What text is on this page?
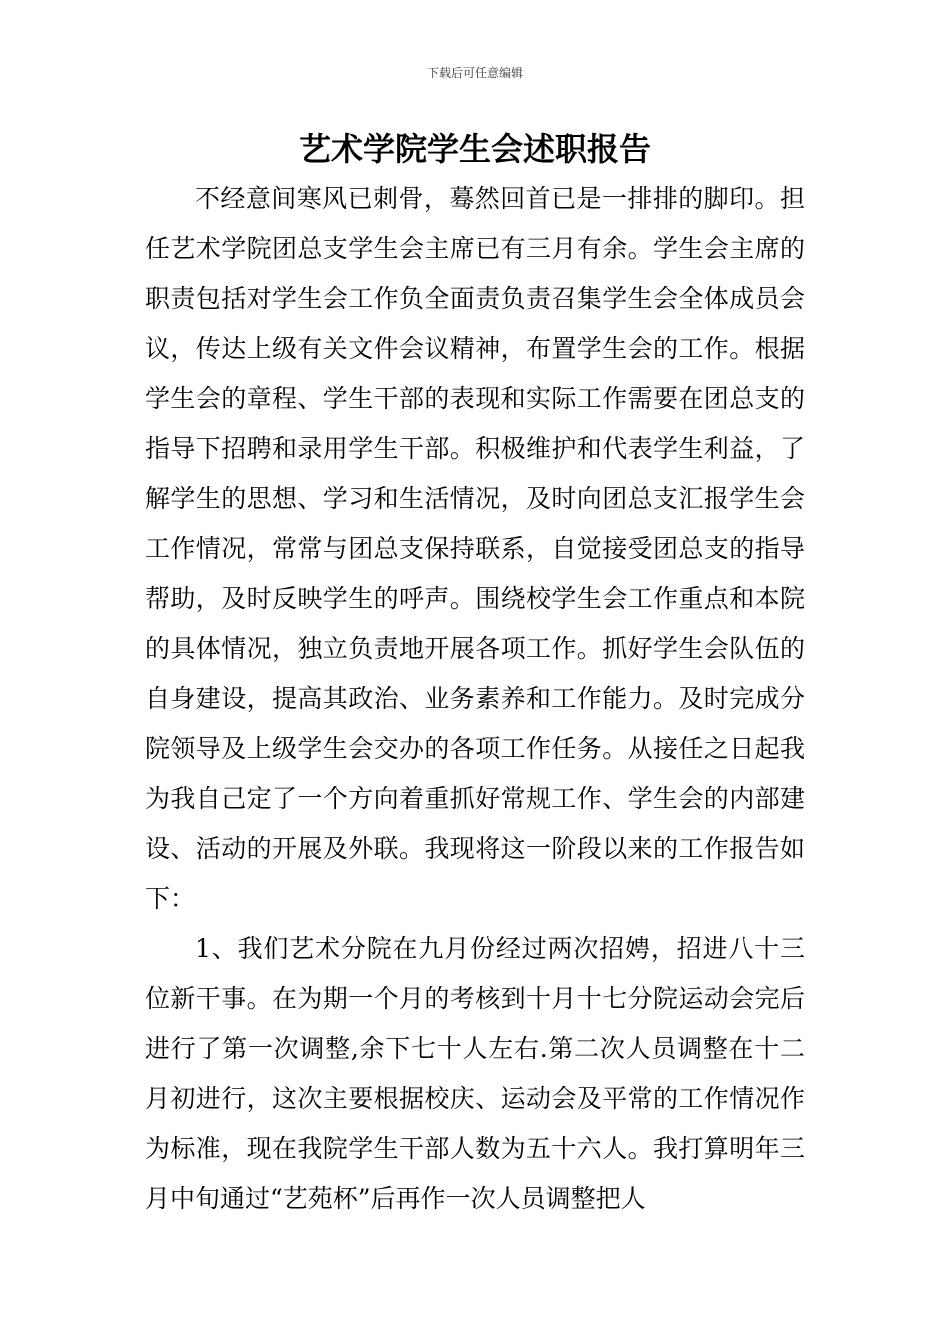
下载后可任意编辑
艺术学院学生会述职报告

不经意间寒风已刺骨，蓦然回首已是一排排的脚印。担任艺术学院团总支学生会主席已有三月有余。学生会主席的职责包括对学生会工作负全面责负责召集学生会全体成员会议，传达上级有关文件会议精神，布置学生会的工作。根据学生会的章程、学生干部的表现和实际工作需要在团总支的指导下招聘和录用学生干部。积极维护和代表学生利益，了解学生的思想、学习和生活情况，及时向团总支汇报学生会工作情况，常常与团总支保持联系，自觉接受团总支的指导帮助，及时反映学生的呼声。围绕校学生会工作重点和本院的具体情况，独立负责地开展各项工作。抓好学生会队伍的自身建设，提高其政治、业务素养和工作能力。及时完成分院领导及上级学生会交办的各项工作任务。从接任之日起我为我自己定了一个方向着重抓好常规工作、学生会的内部建设、活动的开展及外联。我现将这一阶段以来的工作报告如下：

1、我们艺术分院在九月份经过两次招娉，招进八十三位新干事。在为期一个月的考核到十月十七分院运动会完后进行了第一次调整,余下七十人左右.第二次人员调整在十二月初进行，这次主要根据校庆、运动会及平常的工作情况作为标准，现在我院学生干部人数为五十六人。我打算明年三月中旬通过“艺苑杯”后再作一次人员调整把人
